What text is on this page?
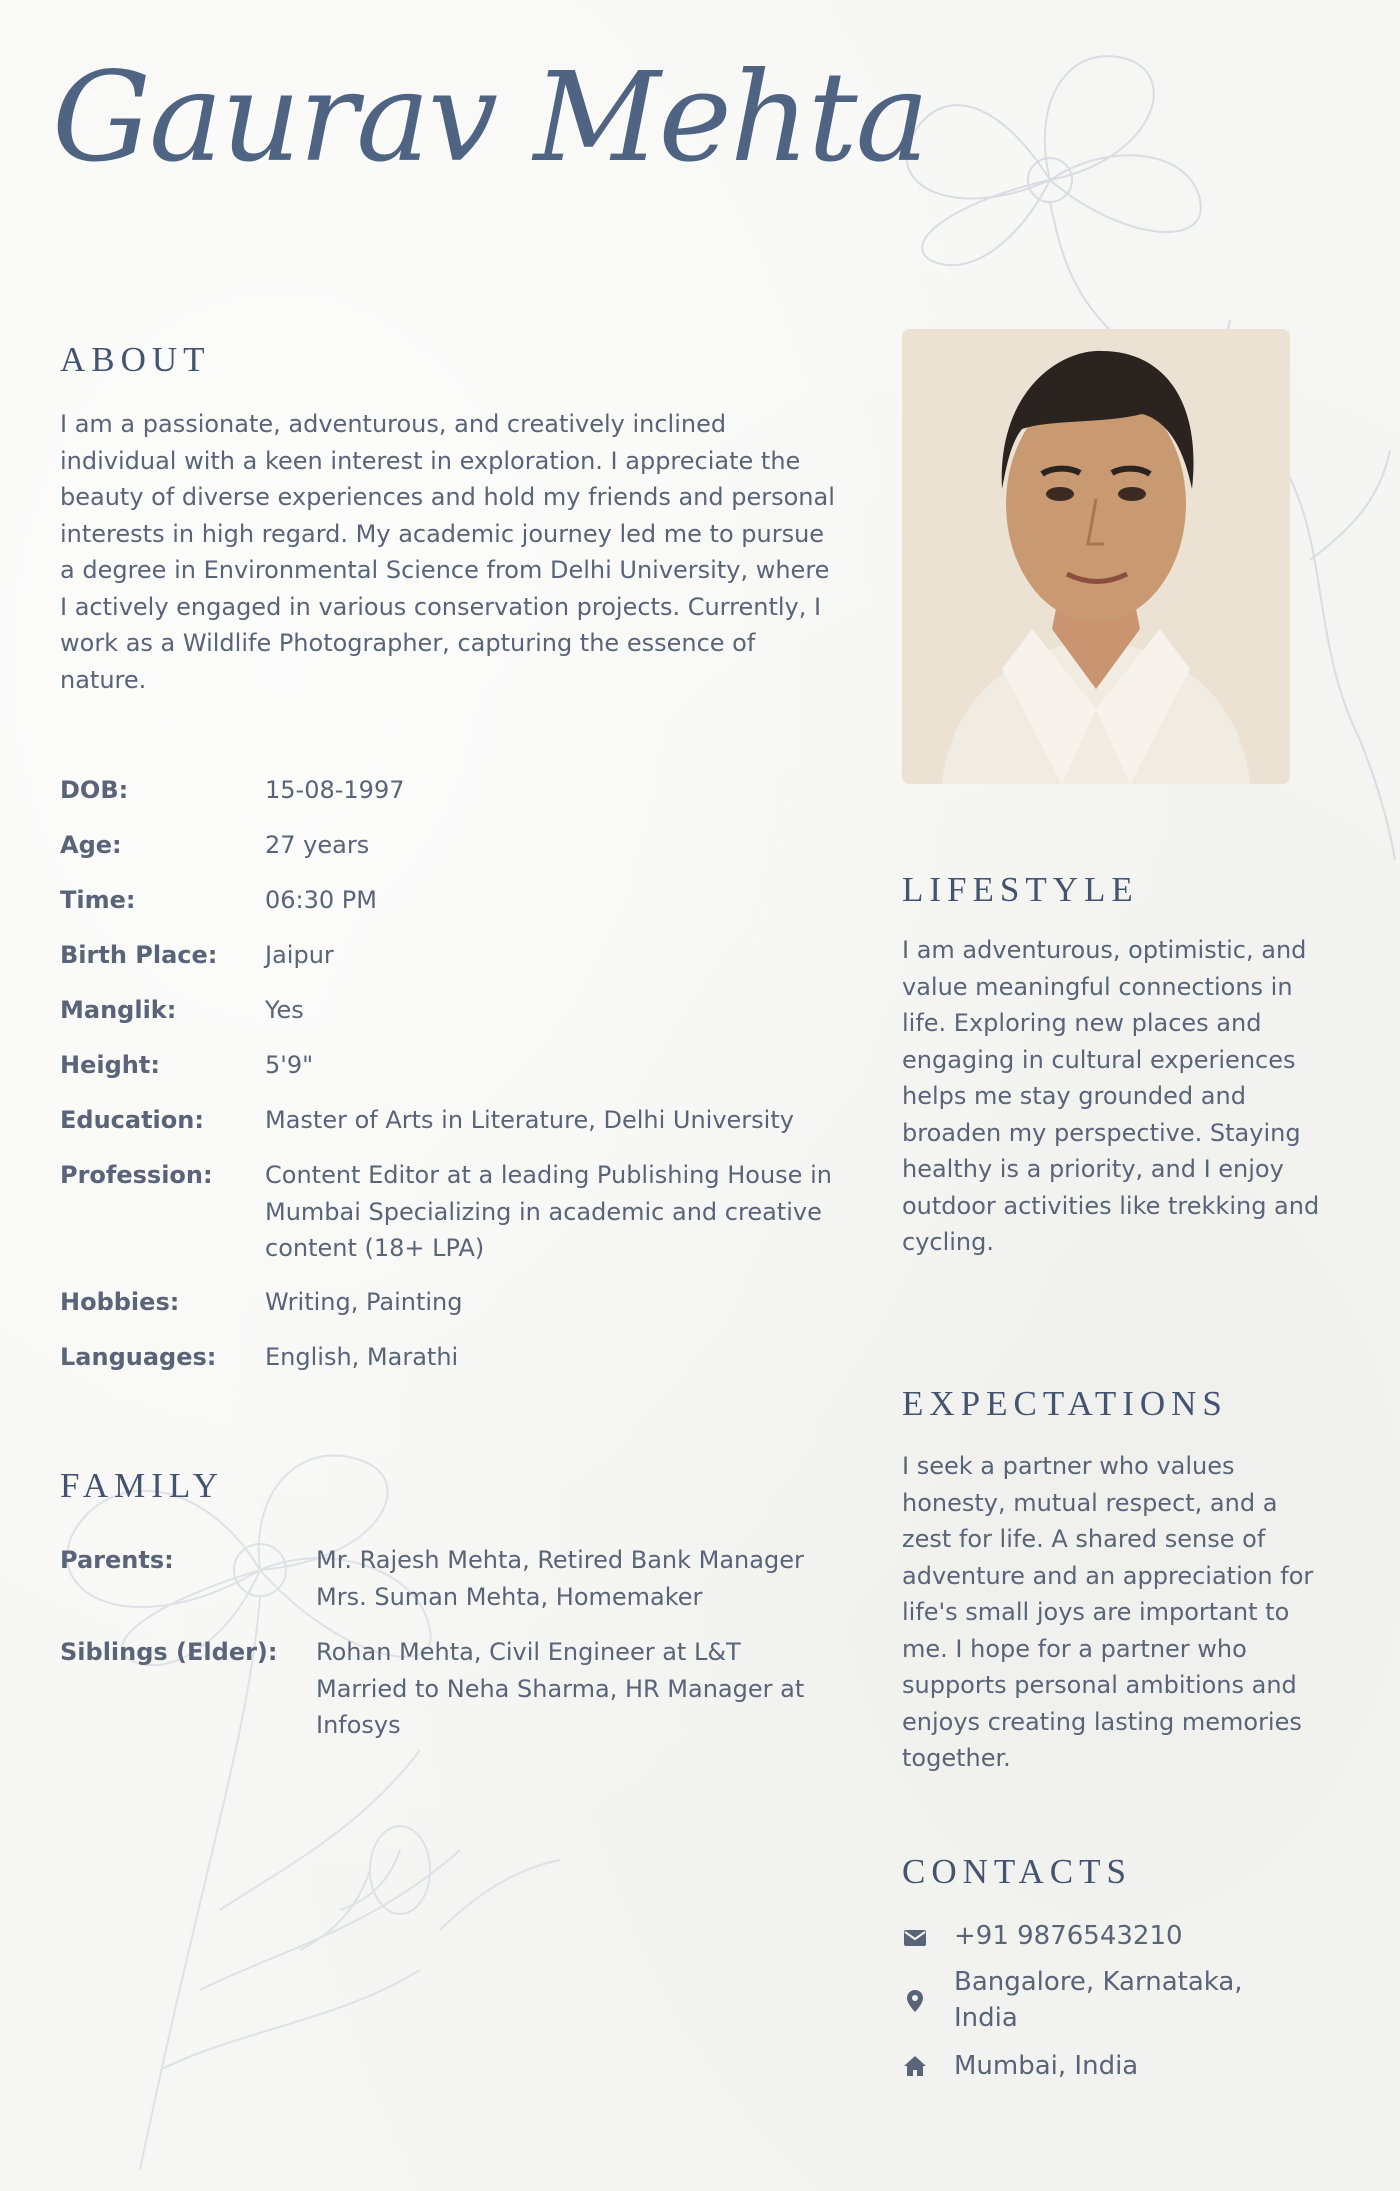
Gaurav Mehta
ABOUT
I am a passionate, adventurous, and creatively inclined individual with a keen interest in exploration. I appreciate the beauty of diverse experiences and hold my friends and personal interests in high regard. My academic journey led me to pursue a degree in Environmental Science from Delhi University, where I actively engaged in various conservation projects. Currently, I work as a Wildlife Photographer, capturing the essence of nature.
DOB:	15-08-1997
Age:	27 years
Time:	06:30 PM
Birth Place: Jaipur
Manglik:	Yes
Height:	5'9"
Education:	Master of Arts in Literature, Delhi University
Profession: Content Editor at a leading Publishing House in Mumbai Specializing in academic and creative content (18+ LPA)
Hobbies:	Writing, Painting
Languages: English, Marathi
FAMILY
Parents:	Mr. Rajesh Mehta, Retired Bank Manager Mrs. Suman Mehta, Homemaker
Siblings (Elder): Rohan Mehta, Civil Engineer at L&T Married to Neha Sharma, HR Manager at Infosys
LIFESTYLE
I am adventurous, optimistic, and value meaningful connections in life. Exploring new places and engaging in cultural experiences helps me stay grounded and broaden my perspective. Staying healthy is a priority, and I enjoy outdoor activities like trekking and cycling.
EXPECTATIONS
I seek a partner who values honesty, mutual respect, and a zest for life. A shared sense of adventure and an appreciation for life's small joys are important to me. I hope for a partner who supports personal ambitions and enjoys creating lasting memories together.
CONTACTS
+91 9876543210
Bangalore, Karnataka, India
Mumbai, India
